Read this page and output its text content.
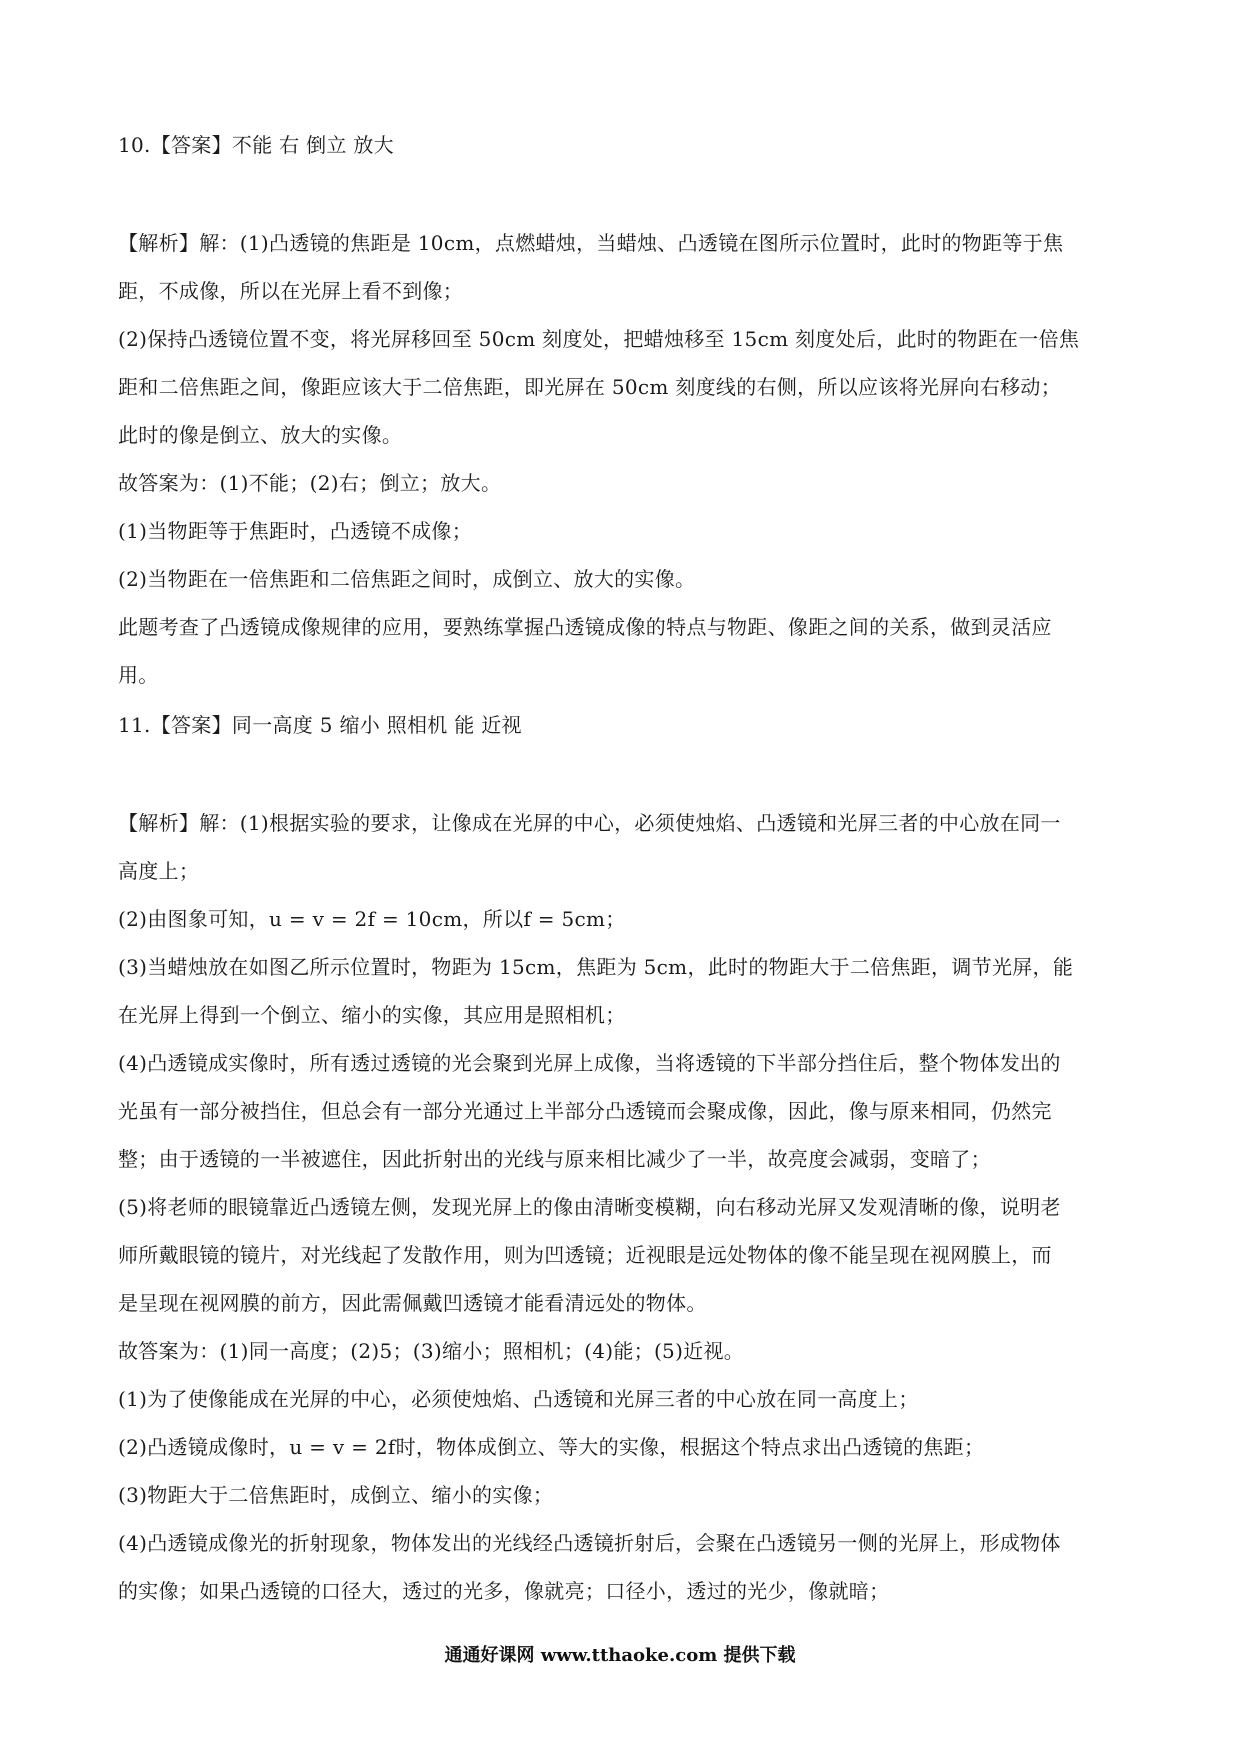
10.【答案】不能 右 倒立 放大
【解析】解：(1)凸透镜的焦距是 10cm，点燃蜡烛，当蜡烛、凸透镜在图所示位置时，此时的物距等于焦
距，不成像，所以在光屏上看不到像；
(2)保持凸透镜位置不变，将光屏移回至 50cm 刻度处，把蜡烛移至 15cm 刻度处后，此时的物距在一倍焦
距和二倍焦距之间，像距应该大于二倍焦距，即光屏在 50cm 刻度线的右侧，所以应该将光屏向右移动；
此时的像是倒立、放大的实像。
故答案为：(1)不能；(2)右；倒立；放大。
(1)当物距等于焦距时，凸透镜不成像；
(2)当物距在一倍焦距和二倍焦距之间时，成倒立、放大的实像。
此题考查了凸透镜成像规律的应用，要熟练掌握凸透镜成像的特点与物距、像距之间的关系，做到灵活应
用。
11.【答案】同一高度 5 缩小 照相机 能 近视
【解析】解：(1)根据实验的要求，让像成在光屏的中心，必须使烛焰、凸透镜和光屏三者的中心放在同一
高度上；
(2)由图象可知，u = v = 2f = 10cm，所以f = 5cm；
(3)当蜡烛放在如图乙所示位置时，物距为 15cm，焦距为 5cm，此时的物距大于二倍焦距，调节光屏，能
在光屏上得到一个倒立、缩小的实像，其应用是照相机；
(4)凸透镜成实像时，所有透过透镜的光会聚到光屏上成像，当将透镜的下半部分挡住后，整个物体发出的
光虽有一部分被挡住，但总会有一部分光通过上半部分凸透镜而会聚成像，因此，像与原来相同，仍然完
整；由于透镜的一半被遮住，因此折射出的光线与原来相比减少了一半，故亮度会减弱，变暗了；
(5)将老师的眼镜靠近凸透镜左侧，发现光屏上的像由清晰变模糊，向右移动光屏又发观清晰的像，说明老
师所戴眼镜的镜片，对光线起了发散作用，则为凹透镜；近视眼是远处物体的像不能呈现在视网膜上，而
是呈现在视网膜的前方，因此需佩戴凹透镜才能看清远处的物体。
故答案为：(1)同一高度；(2)5；(3)缩小；照相机；(4)能；(5)近视。
(1)为了使像能成在光屏的中心，必须使烛焰、凸透镜和光屏三者的中心放在同一高度上；
(2)凸透镜成像时，u = v = 2f时，物体成倒立、等大的实像，根据这个特点求出凸透镜的焦距；
(3)物距大于二倍焦距时，成倒立、缩小的实像；
(4)凸透镜成像光的折射现象，物体发出的光线经凸透镜折射后，会聚在凸透镜另一侧的光屏上，形成物体
的实像；如果凸透镜的口径大，透过的光多，像就亮；口径小，透过的光少，像就暗；
通通好课网 www.tthaoke.com 提供下载
